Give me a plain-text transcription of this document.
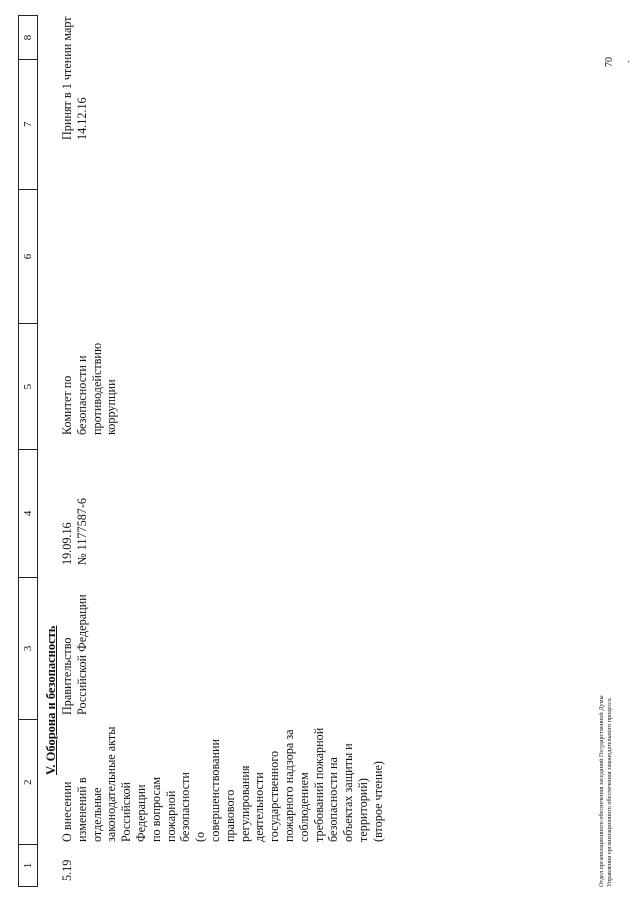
1
2
3
4
5
6
7
8
V. Оборона и безопасность
5.19
О внесении изменений в
отдельные
законодательные акты
Российской Федерации
по вопросам пожарной
безопасности
(о совершенствовании
правового регулирования
деятельности
государственного
пожарного надзора за
соблюдением
требований пожарной
безопасности на
объектах защиты и
территорий)
(второе чтение)
Правительство
Российской Федерации
19.09.16
№ 1177587-6
Комитет по
безопасности и
противодействию
коррупции
Принят в 1 чтении март
14.12.16
Отдел организационного обеспечения заседаний Государственной Думы
Управления организационного обеспечения законодательного процесса
70 -
